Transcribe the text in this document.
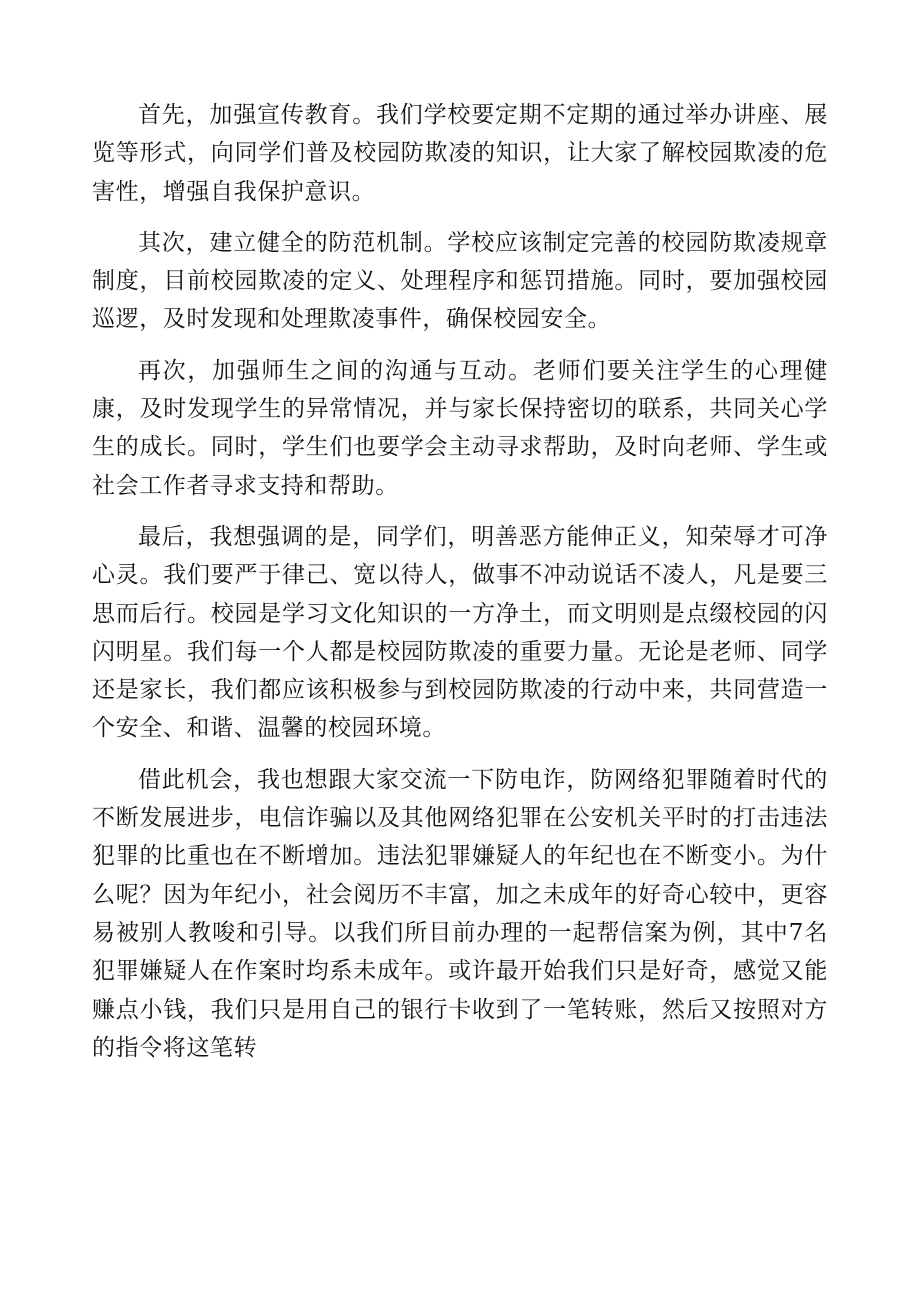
首先，加强宣传教育。我们学校要定期不定期的通过举办讲座、展览等形式，向同学们普及校园防欺凌的知识，让大家了解校园欺凌的危害性，增强自我保护意识。

其次，建立健全的防范机制。学校应该制定完善的校园防欺凌规章制度，目前校园欺凌的定义、处理程序和惩罚措施。同时，要加强校园巡逻，及时发现和处理欺凌事件，确保校园安全。

再次，加强师生之间的沟通与互动。老师们要关注学生的心理健康，及时发现学生的异常情况，并与家长保持密切的联系，共同关心学生的成长。同时，学生们也要学会主动寻求帮助，及时向老师、学生或社会工作者寻求支持和帮助。

最后，我想强调的是，同学们，明善恶方能伸正义，知荣辱才可净心灵。我们要严于律己、宽以待人，做事不冲动说话不凌人，凡是要三思而后行。校园是学习文化知识的一方净土，而文明则是点缀校园的闪闪明星。我们每一个人都是校园防欺凌的重要力量。无论是老师、同学还是家长，我们都应该积极参与到校园防欺凌的行动中来，共同营造一个安全、和谐、温馨的校园环境。

借此机会，我也想跟大家交流一下防电诈，防网络犯罪随着时代的不断发展进步，电信诈骗以及其他网络犯罪在公安机关平时的打击违法犯罪的比重也在不断增加。违法犯罪嫌疑人的年纪也在不断变小。为什么呢？因为年纪小，社会阅历不丰富，加之未成年的好奇心较中，更容易被别人教唆和引导。以我们所目前办理的一起帮信案为例，其中7名犯罪嫌疑人在作案时均系未成年。或许最开始我们只是好奇，感觉又能赚点小钱，我们只是用自己的银行卡收到了一笔转账，然后又按照对方的指令将这笔转
